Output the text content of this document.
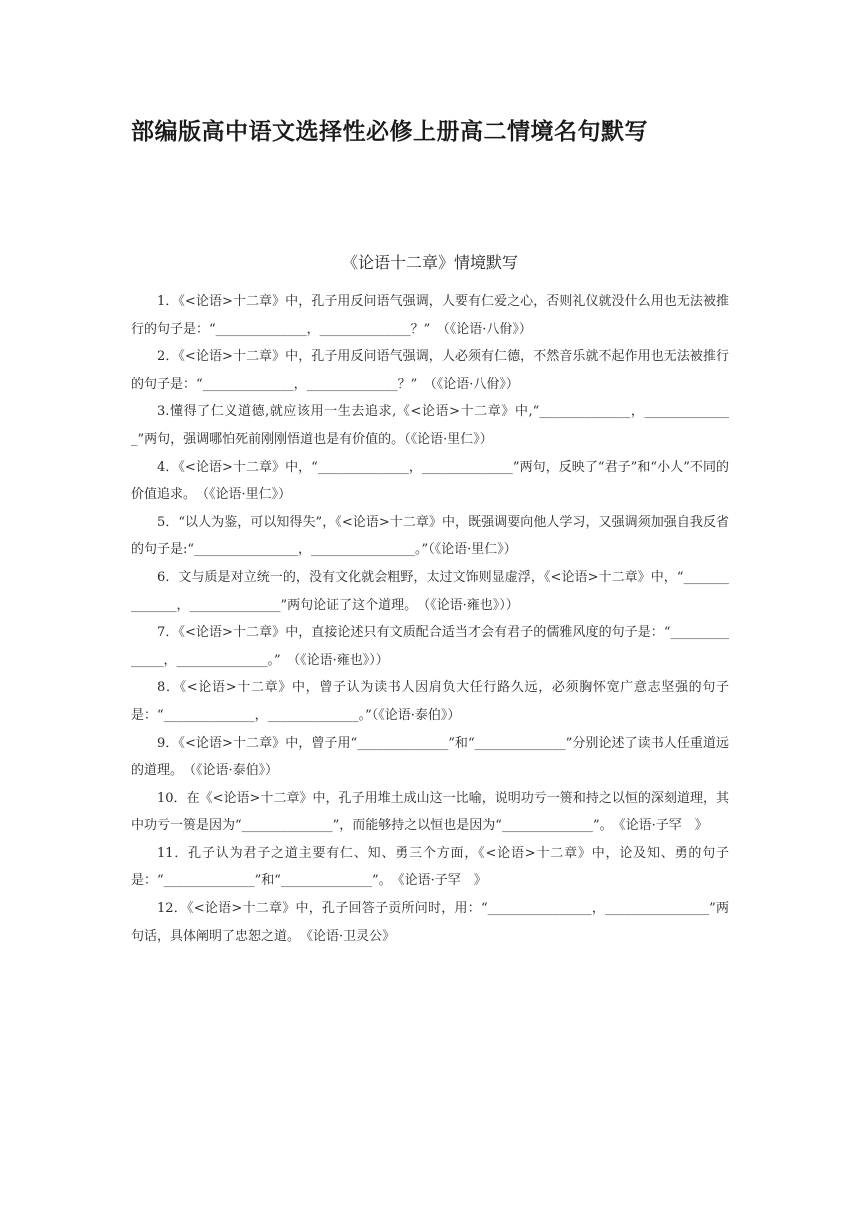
部编版高中语文选择性必修上册高二情境名句默写
《论语十二章》情境默写

1．《<论语>十二章》中，孔子用反问语气强调，人要有仁爱之心，否则礼仪就没什么用也无法被推行的句子是：“______________，______________？”　（《论语·八佾》）

2．《<论语>十二章》中，孔子用反问语气强调，人必须有仁德，不然音乐就不起作用也无法被推行的句子是：“______________，______________？”　（《论语·八佾》）

3.懂得了仁义道德,就应该用一生去追求,《<论语>十二章》中,“______________，______________”两句，强调哪怕死前刚刚悟道也是有价值的。（《论语·里仁》）

4．《<论语>十二章》中，“______________，______________”两句，反映了“君子”和“小人”不同的价值追求。　（《论语·里仁》）

5．“以人为鉴，可以知得失”，《<论语>十二章》中，既强调要向他人学习，又强调须加强自我反省的句子是:“________________，________________。”（《论语·里仁》）

6．文与质是对立统一的，没有文化就会粗野，太过文饰则显虚浮，《<论语>十二章》中，“______________，______________”两句论证了这个道理。　（《论语·雍也》））

7．《<论语>十二章》中，直接论述只有文质配合适当才会有君子的儒雅风度的句子是：“______________，______________。”　（《论语·雍也》））

8．《<论语>十二章》中，曾子认为读书人因肩负大任行路久远，必须胸怀宽广意志坚强的句子是：“______________，______________。”（《论语·泰伯》）

9．《<论语>十二章》中，曾子用“______________”和“______________”分别论述了读书人任重道远的道理。　（《论语·泰伯》）

10．在《<论语>十二章》中，孔子用堆土成山这一比喻，说明功亏一篑和持之以恒的深刻道理，其中功亏一篑是因为“______________”，而能够持之以恒也是因为“______________”。　《论语·子罕　》

11．孔子认为君子之道主要有仁、知、勇三个方面，《<论语>十二章》中，论及知、勇的句子是：“______________”和“______________”。　《论语·子罕　》

12．《<论语>十二章》中，孔子回答子贡所问时，用：“________________，________________”两句话，具体阐明了忠恕之道。　《论语·卫灵公》
